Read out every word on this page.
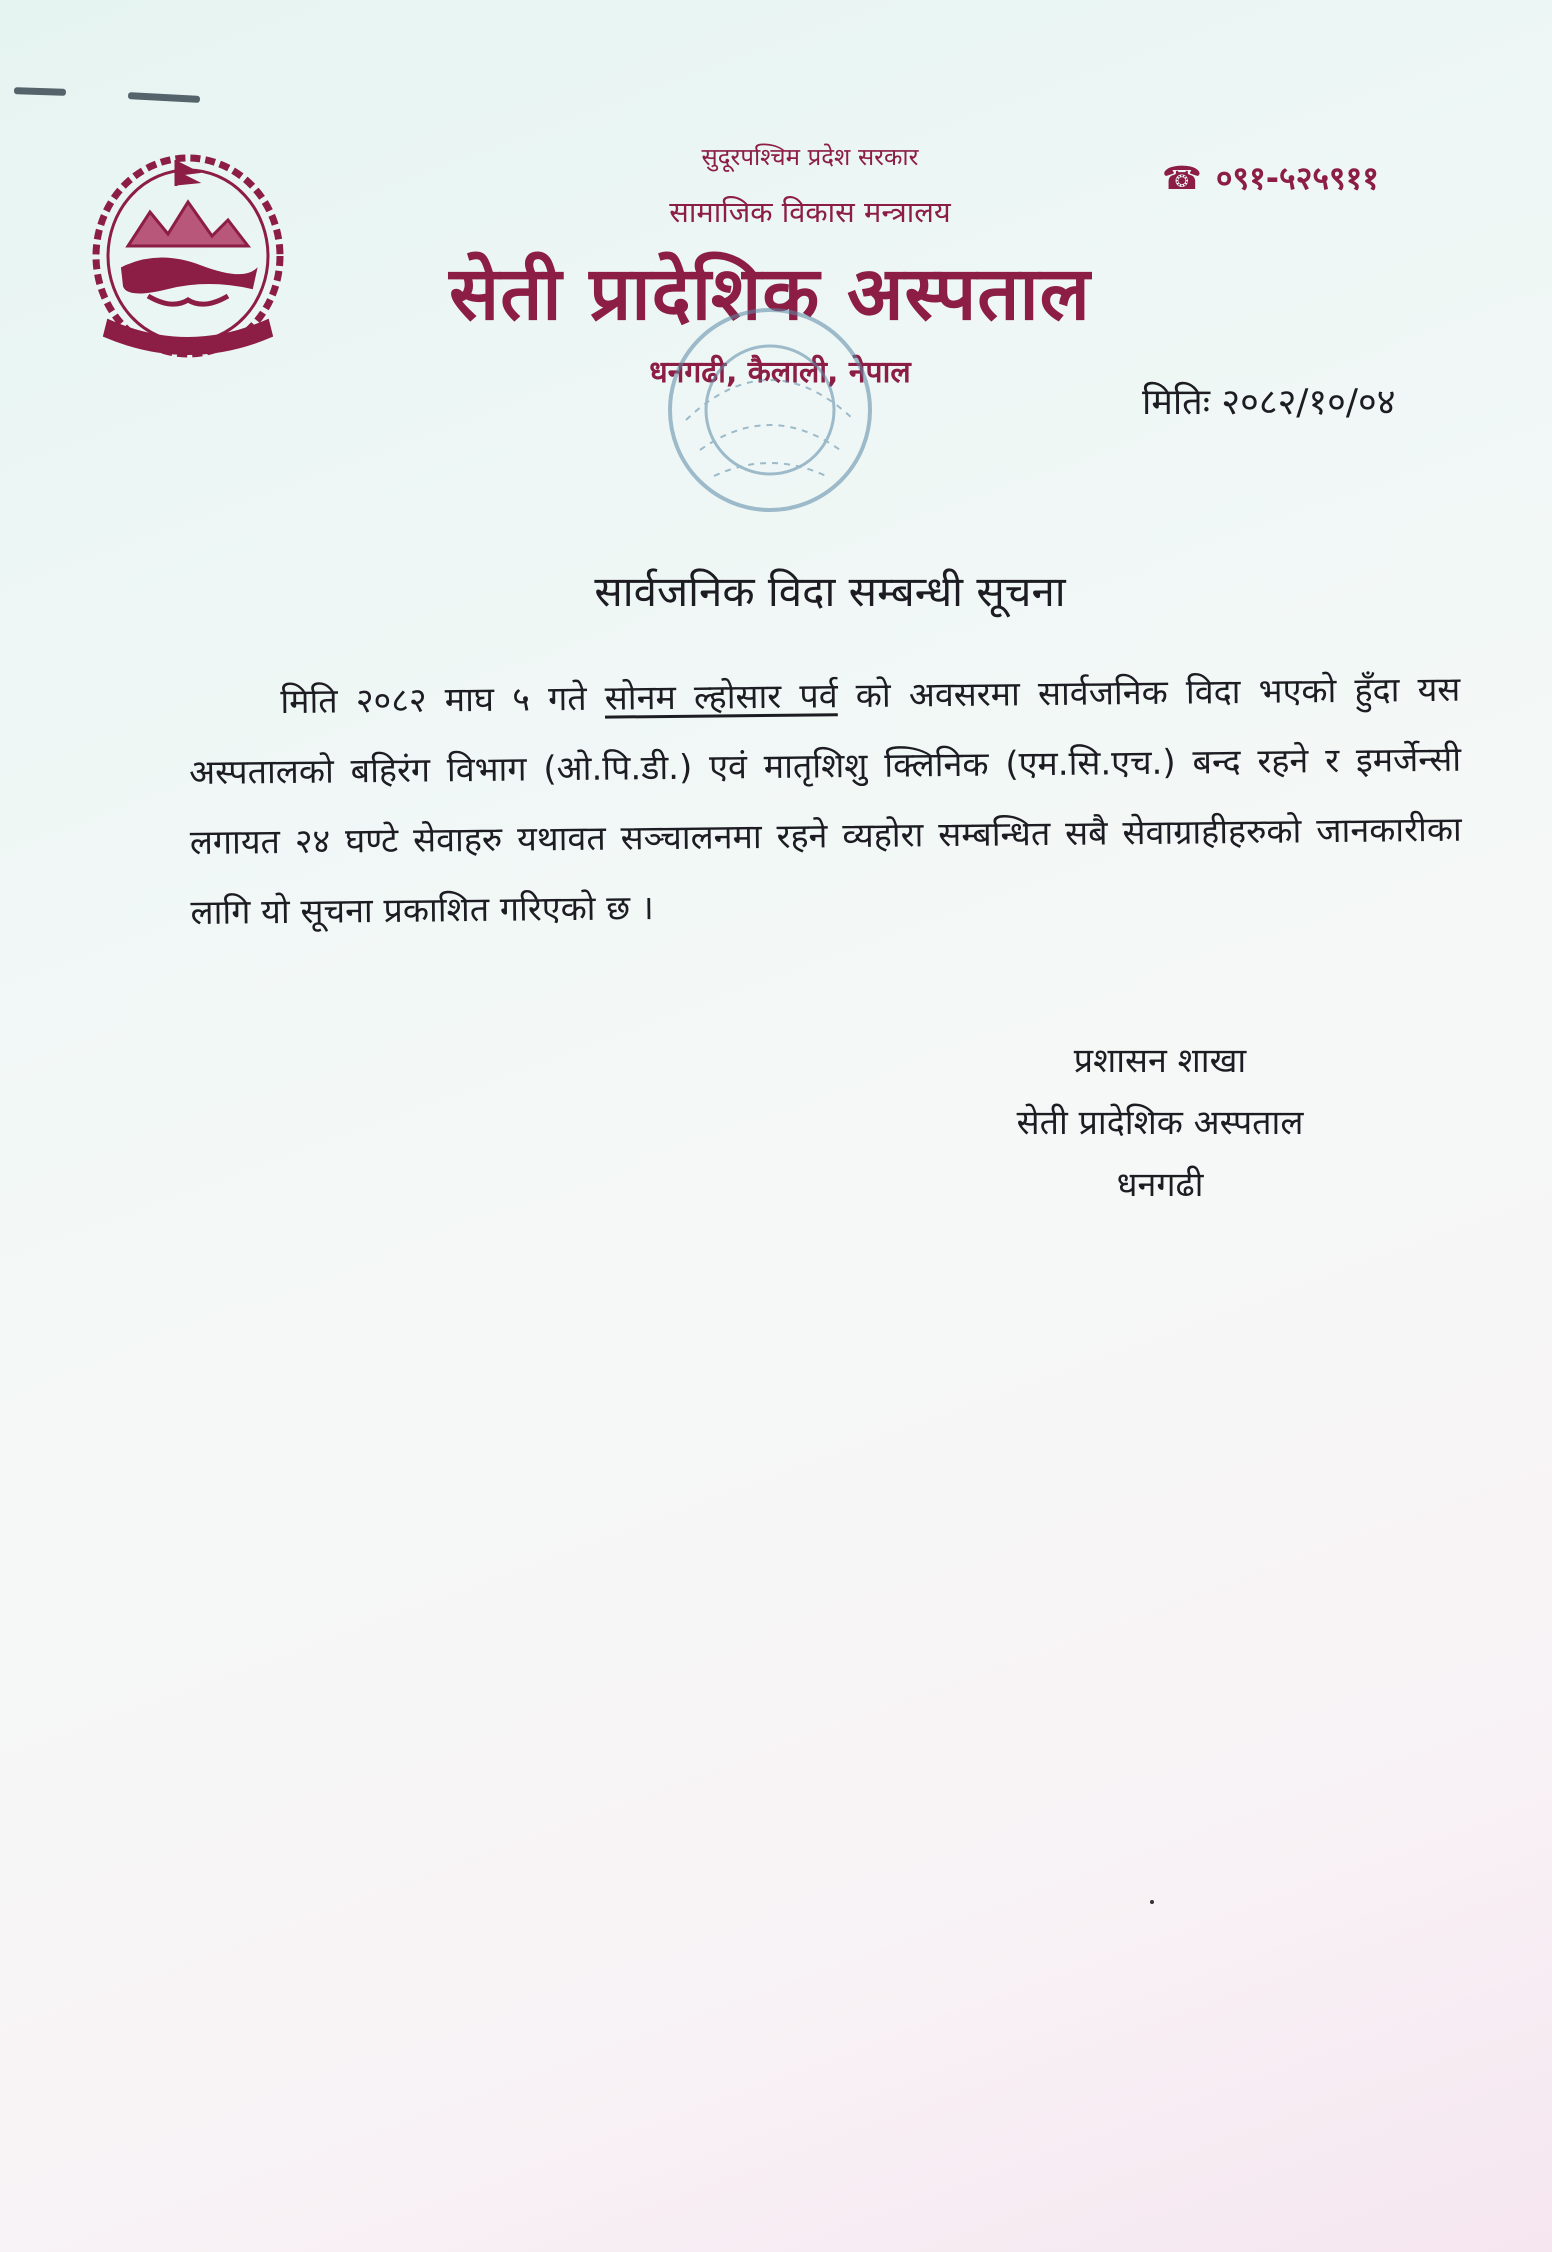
सुदूरपश्चिम प्रदेश सरकार
सामाजिक विकास मन्त्रालय
सेती प्रादेशिक अस्पताल
धनगढी, कैलाली, नेपाल
☎ ०९१-५२५९११
मितिः २०८२/१०/०४
सार्वजनिक विदा सम्बन्धी सूचना
मिति २०८२ माघ ५ गते सोनम ल्होसार पर्व को अवसरमा सार्वजनिक विदा भएको हुँदा यस अस्पतालको बहिरंग विभाग (ओ.पि.डी.) एवं मातृशिशु क्लिनिक (एम.सि.एच.) बन्द रहने र इमर्जेन्सी लगायत २४ घण्टे सेवाहरु यथावत सञ्चालनमा रहने व्यहोरा सम्बन्धित सबै सेवाग्राहीहरुको जानकारीका लागि यो सूचना प्रकाशित गरिएको छ ।
प्रशासन शाखा
सेती प्रादेशिक अस्पताल
धनगढी
